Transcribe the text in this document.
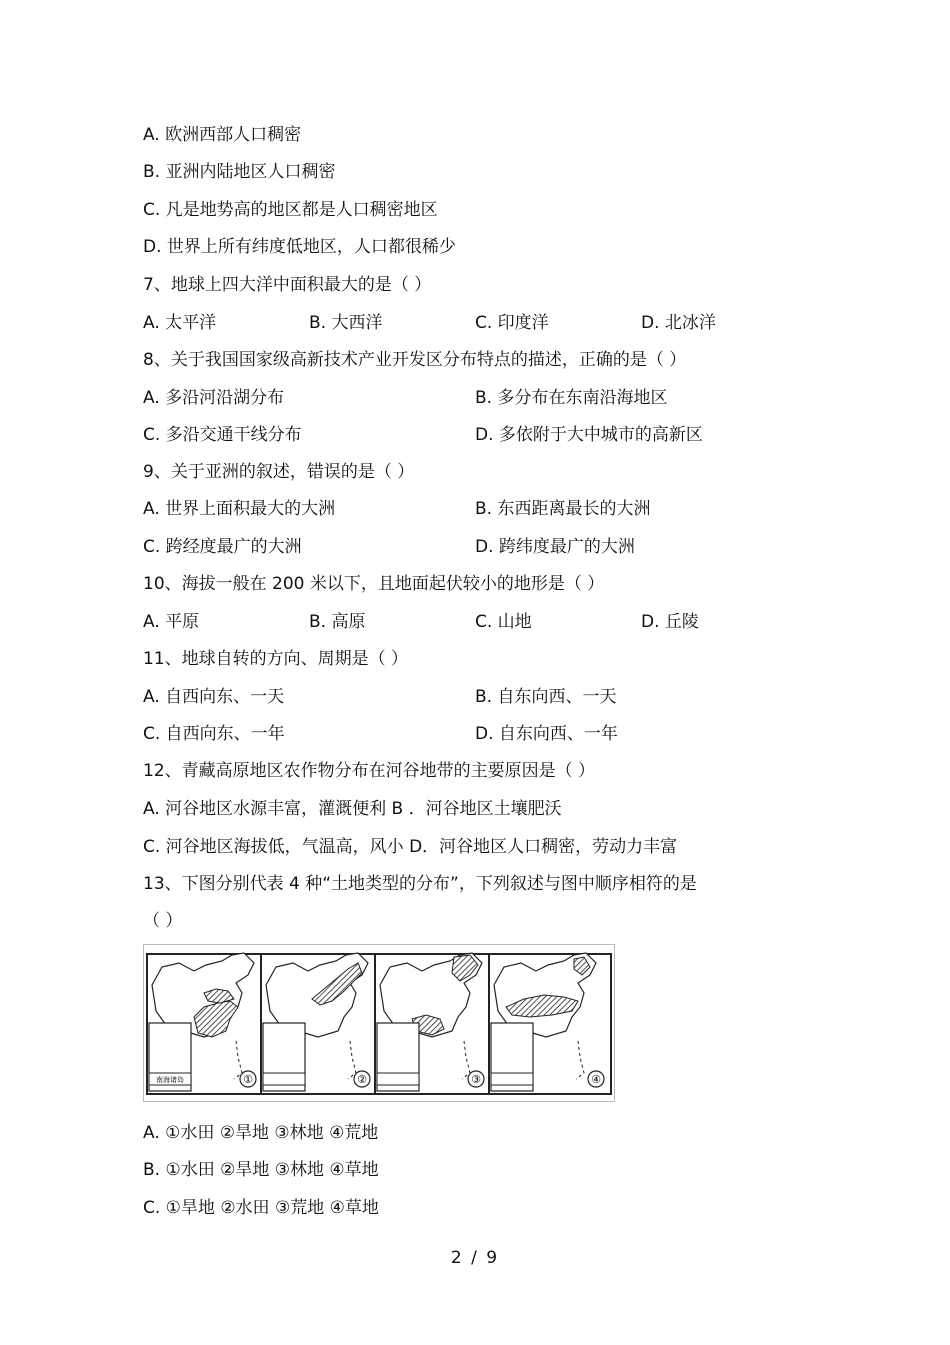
A. 欧洲西部人口稠密
B. 亚洲内陆地区人口稠密
C. 凡是地势高的地区都是人口稠密地区
D. 世界上所有纬度低地区，人口都很稀少
7、地球上四大洋中面积最大的是（ ）
A. 太平洋	B. 大西洋	C. 印度洋	D. 北冰洋
8、关于我国国家级高新技术产业开发区分布特点的描述，正确的是（ ）
A. 多沿河沿湖分布	B. 多分布在东南沿海地区
C. 多沿交通干线分布	D. 多依附于大中城市的高新区
9、关于亚洲的叙述，错误的是（ ）
A. 世界上面积最大的大洲	B. 东西距离最长的大洲
C. 跨经度最广的大洲	D. 跨纬度最广的大洲
10、海拔一般在 200 米以下，且地面起伏较小的地形是（ ）
A. 平原	B. 高原	C. 山地	D. 丘陵
11、地球自转的方向、周期是（ ）
A. 自西向东、一天	B. 自东向西、一天
C. 自西向东、一年	D. 自东向西、一年
12、青藏高原地区农作物分布在河谷地带的主要原因是（ ）
A. 河谷地区水源丰富，灌溉便利 B ．河谷地区土壤肥沃
C. 河谷地区海拔低，气温高，风小 D．河谷地区人口稠密，劳动力丰富
13、下图分别代表 4 种“土地类型的分布”，下列叙述与图中顺序相符的是
（ ）
南海诸岛	①	②	③	④
A. ①水田 ②旱地 ③林地 ④荒地
B. ①水田 ②旱地 ③林地 ④草地
C. ①旱地 ②水田 ③荒地 ④草地
2 / 9
